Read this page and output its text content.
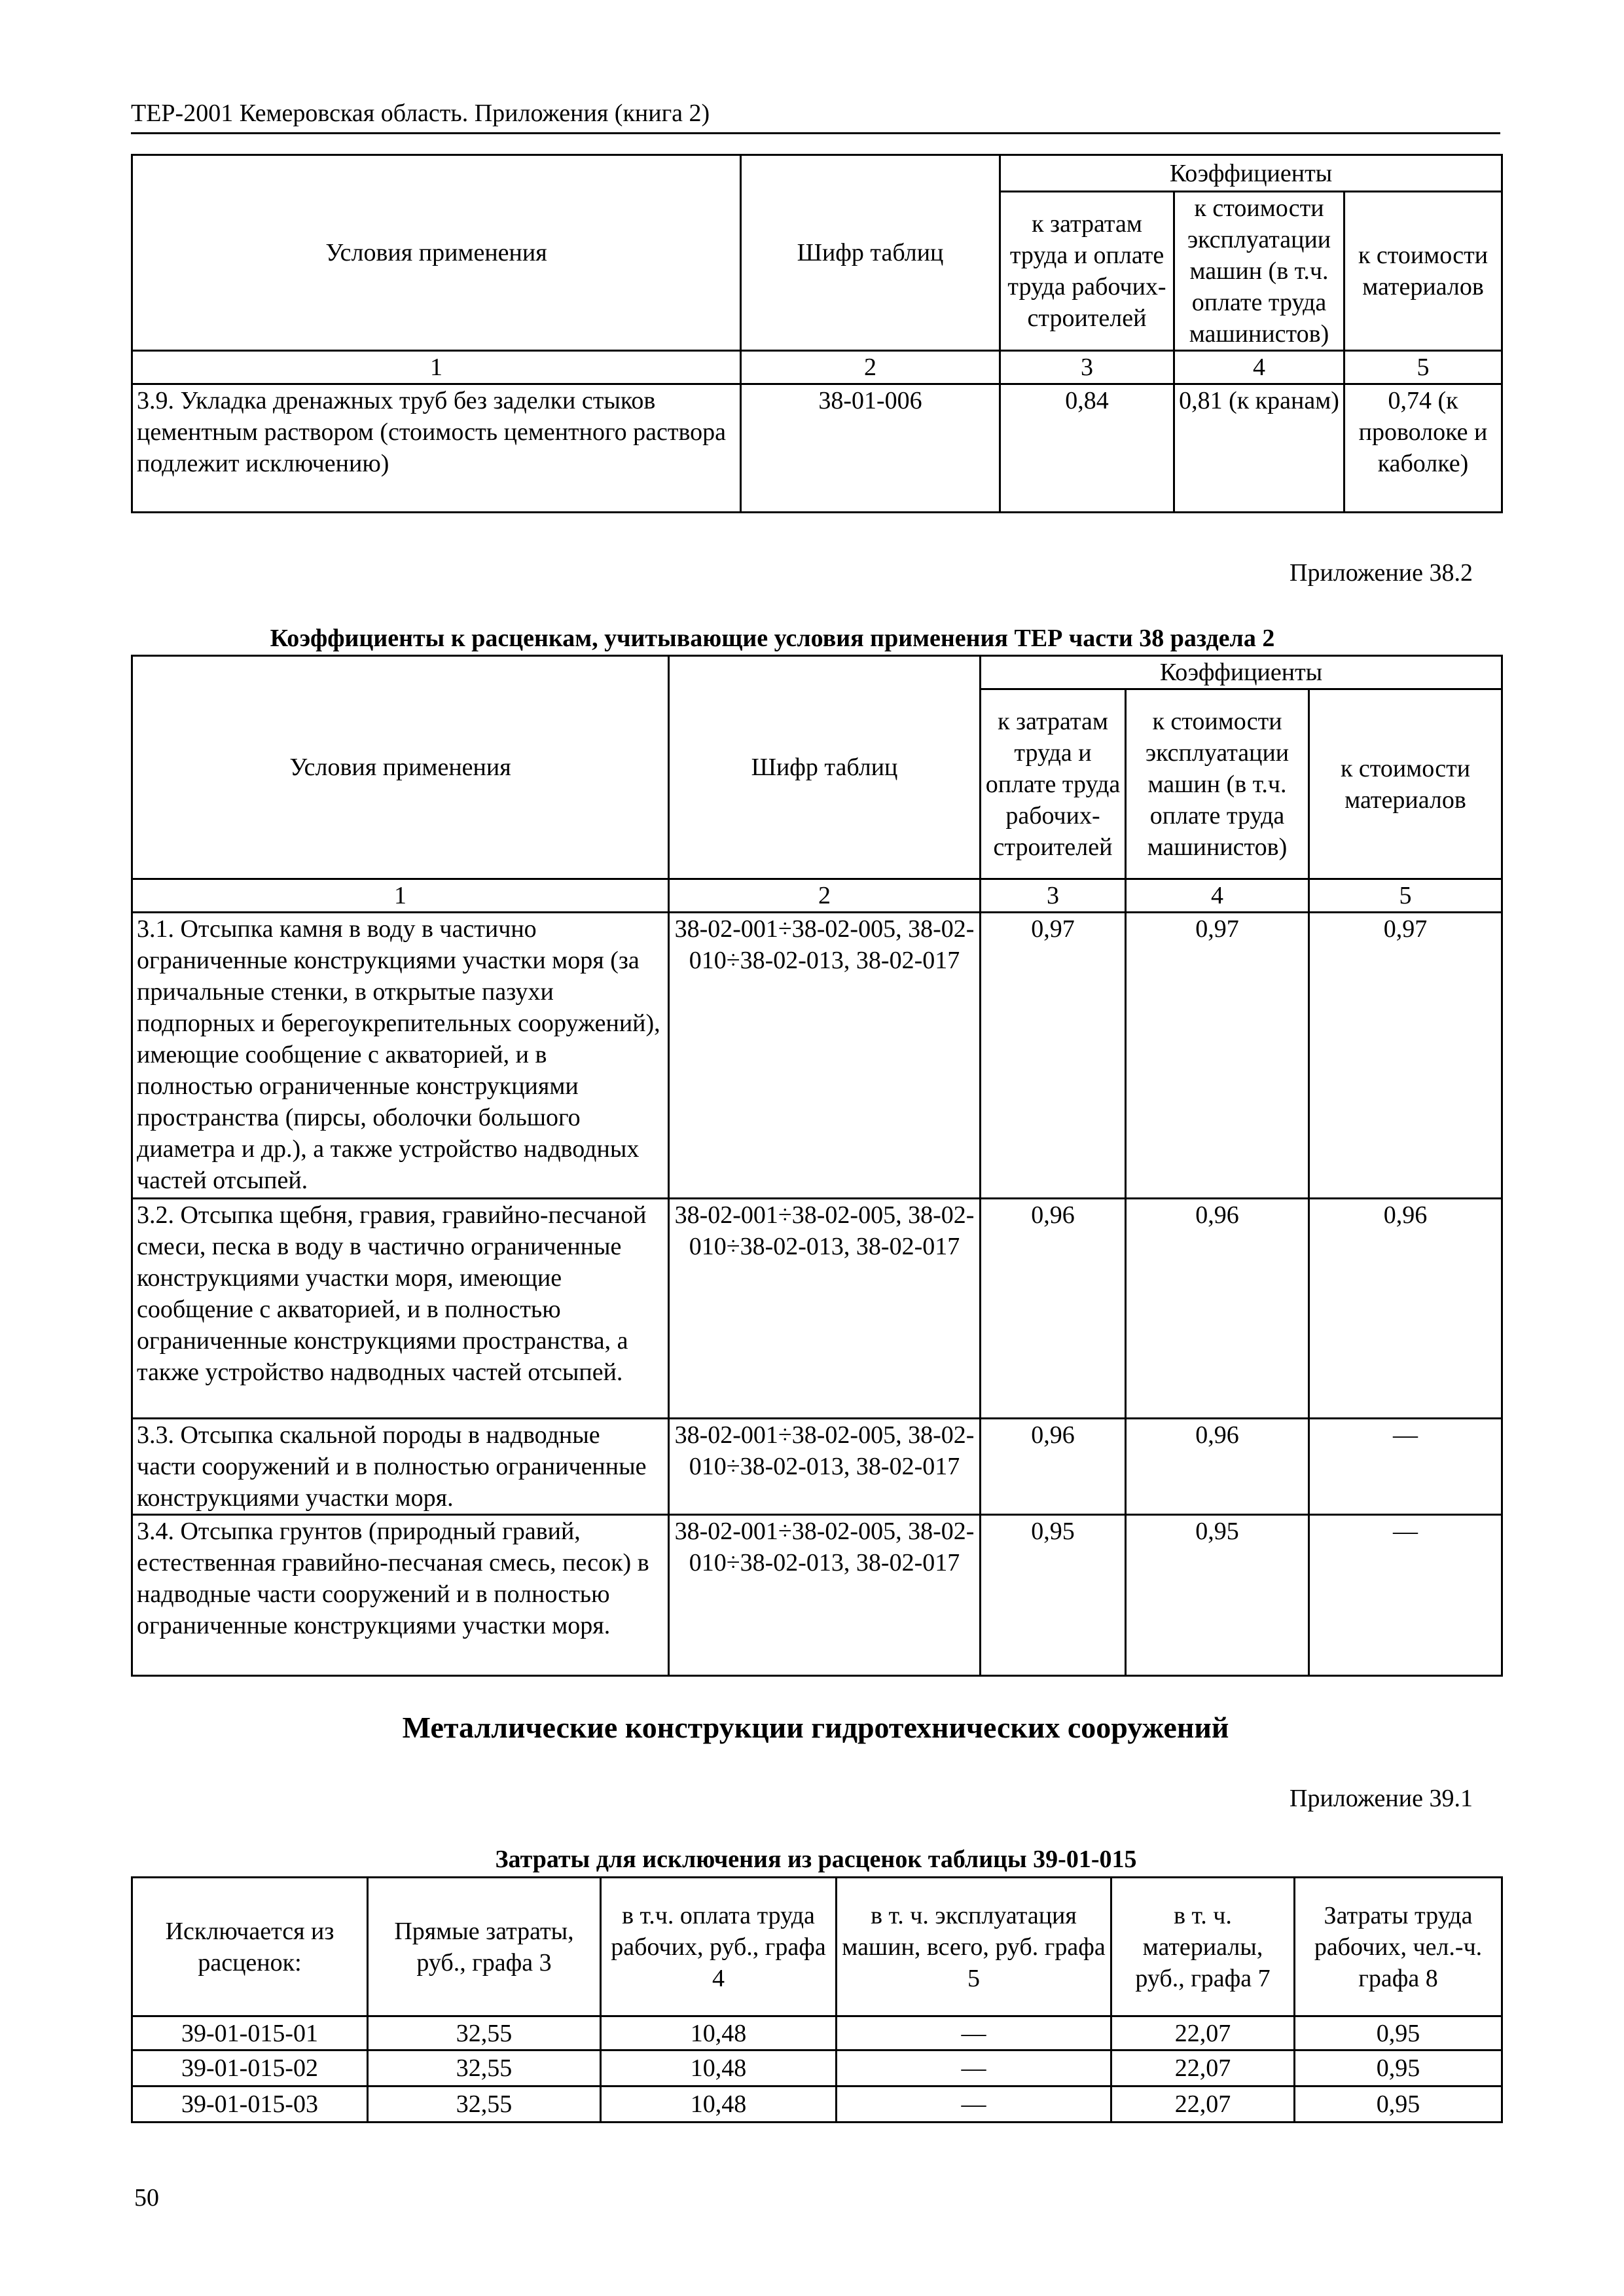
ТЕР-2001 Кемеровская область. Приложения (книга 2)
Условия применения	Шифр таблиц	Коэффициенты		
		к затратам труда и оплате труда рабочих-строителей	к стоимости эксплуатации машин (в т.ч. оплате труда машинистов)	к стоимости материалов
1	2	3	4	5
3.9. Укладка дренажных труб без заделки стыков цементным раствором (стоимость цементного раствора подлежит исключению)	38-01-006	0,84	0,81 (к кранам)	0,74 (к проволоке и каболке)
Приложение 38.2
Коэффициенты к расценкам, учитывающие условия применения ТЕР части 38 раздела 2
Условия применения	Шифр таблиц	Коэффициенты		
		к затратам труда и оплате труда рабочих-строителей	к стоимости эксплуатации машин (в т.ч. оплате труда машинистов)	к стоимости материалов
1	2	3	4	5
3.1. Отсыпка камня в воду в частично ограниченные конструкциями участки моря (за причальные стенки, в открытые пазухи подпорных и берегоукрепительных сооружений), имеющие сообщение с акваторией, и в полностью ограниченные конструкциями пространства (пирсы, оболочки большого диаметра и др.), а также устройство надводных частей отсыпей.	38-02-001÷38-02-005, 38-02-010÷38-02-013, 38-02-017	0,97	0,97	0,97
3.2. Отсыпка щебня, гравия, гравийно-песчаной смеси, песка в воду в частично ограниченные конструкциями участки моря, имеющие сообщение с акваторией, и в полностью ограниченные конструкциями пространства, а также устройство надводных частей отсыпей.	38-02-001÷38-02-005, 38-02-010÷38-02-013, 38-02-017	0,96	0,96	0,96
3.3. Отсыпка скальной породы в надводные части сооружений и в полностью ограниченные конструкциями участки моря.	38-02-001÷38-02-005, 38-02-010÷38-02-013, 38-02-017	0,96	0,96	—
3.4. Отсыпка грунтов (природный гравий, естественная гравийно-песчаная смесь, песок) в надводные части сооружений и в полностью ограниченные конструкциями участки моря.	38-02-001÷38-02-005, 38-02-010÷38-02-013, 38-02-017	0,95	0,95	—
Металлические конструкции гидротехнических сооружений
Приложение 39.1
Затраты для исключения из расценок таблицы 39-01-015
Исключается из расценок:	Прямые затраты, руб., графа 3	в т.ч. оплата труда рабочих, руб., графа 4	в т. ч. эксплуатация машин, всего, руб. графа 5	в т. ч. материалы, руб., графа 7	Затраты труда рабочих, чел.-ч. графа 8
39-01-015-01	32,55	10,48	—	22,07	0,95
39-01-015-02	32,55	10,48	—	22,07	0,95
39-01-015-03	32,55	10,48	—	22,07	0,95
50
